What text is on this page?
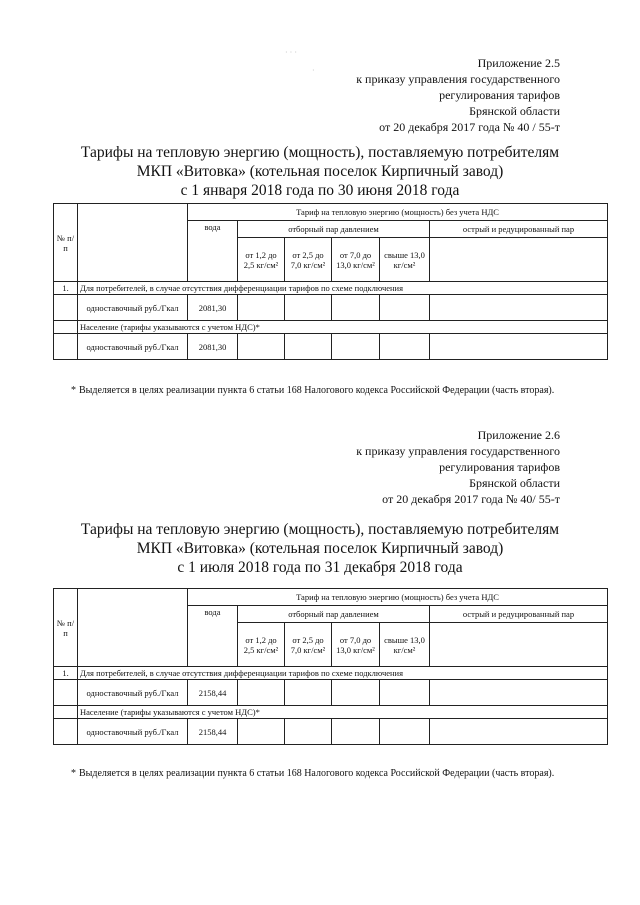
· · ·
·
Приложение 2.5
к приказу управления государственного
регулирования тарифов
Брянской области
от 20 декабря 2017 года № 40 / 55-т
Тарифы на тепловую энергию (мощность), поставляемую потребителям
МКП «Витовка» (котельная поселок Кирпичный завод)
с 1 января 2018 года по 30 июня 2018 года
№ п/п		Тариф на тепловую энергию (мощность) без учета НДС					
		вода	отборный пар давлением				острый и редуцированный пар
			от 1,2 до 2,5 кг/см²	от 2,5 до 7,0 кг/см²	от 7,0 до 13,0 кг/см²	свыше 13,0 кг/см²	
1.	Для потребителей, в случае отсутствия дифференциации тарифов по схеме подключения						
	одноставочный руб./Гкал	2081,30					
	Население (тарифы указываются с учетом НДС)*						
	одноставочный руб./Гкал	2081,30					
* Выделяется в целях реализации пункта 6 статьи 168 Налогового кодекса Российской Федерации (часть вторая).
Приложение 2.6
к приказу управления государственного
регулирования тарифов
Брянской области
от 20 декабря 2017 года № 40/ 55-т
Тарифы на тепловую энергию (мощность), поставляемую потребителям
МКП «Витовка» (котельная поселок Кирпичный завод)
с 1 июля 2018 года по 31 декабря 2018 года
№ п/п		Тариф на тепловую энергию (мощность) без учета НДС					
		вода	отборный пар давлением				острый и редуцированный пар
			от 1,2 до 2,5 кг/см²	от 2,5 до 7,0 кг/см²	от 7,0 до 13,0 кг/см²	свыше 13,0 кг/см²	
1.	Для потребителей, в случае отсутствия дифференциации тарифов по схеме подключения						
	одноставочный руб./Гкал	2158,44					
	Население (тарифы указываются с учетом НДС)*						
	одноставочный руб./Гкал	2158,44					
* Выделяется в целях реализации пункта 6 статьи 168 Налогового кодекса Российской Федерации (часть вторая).
